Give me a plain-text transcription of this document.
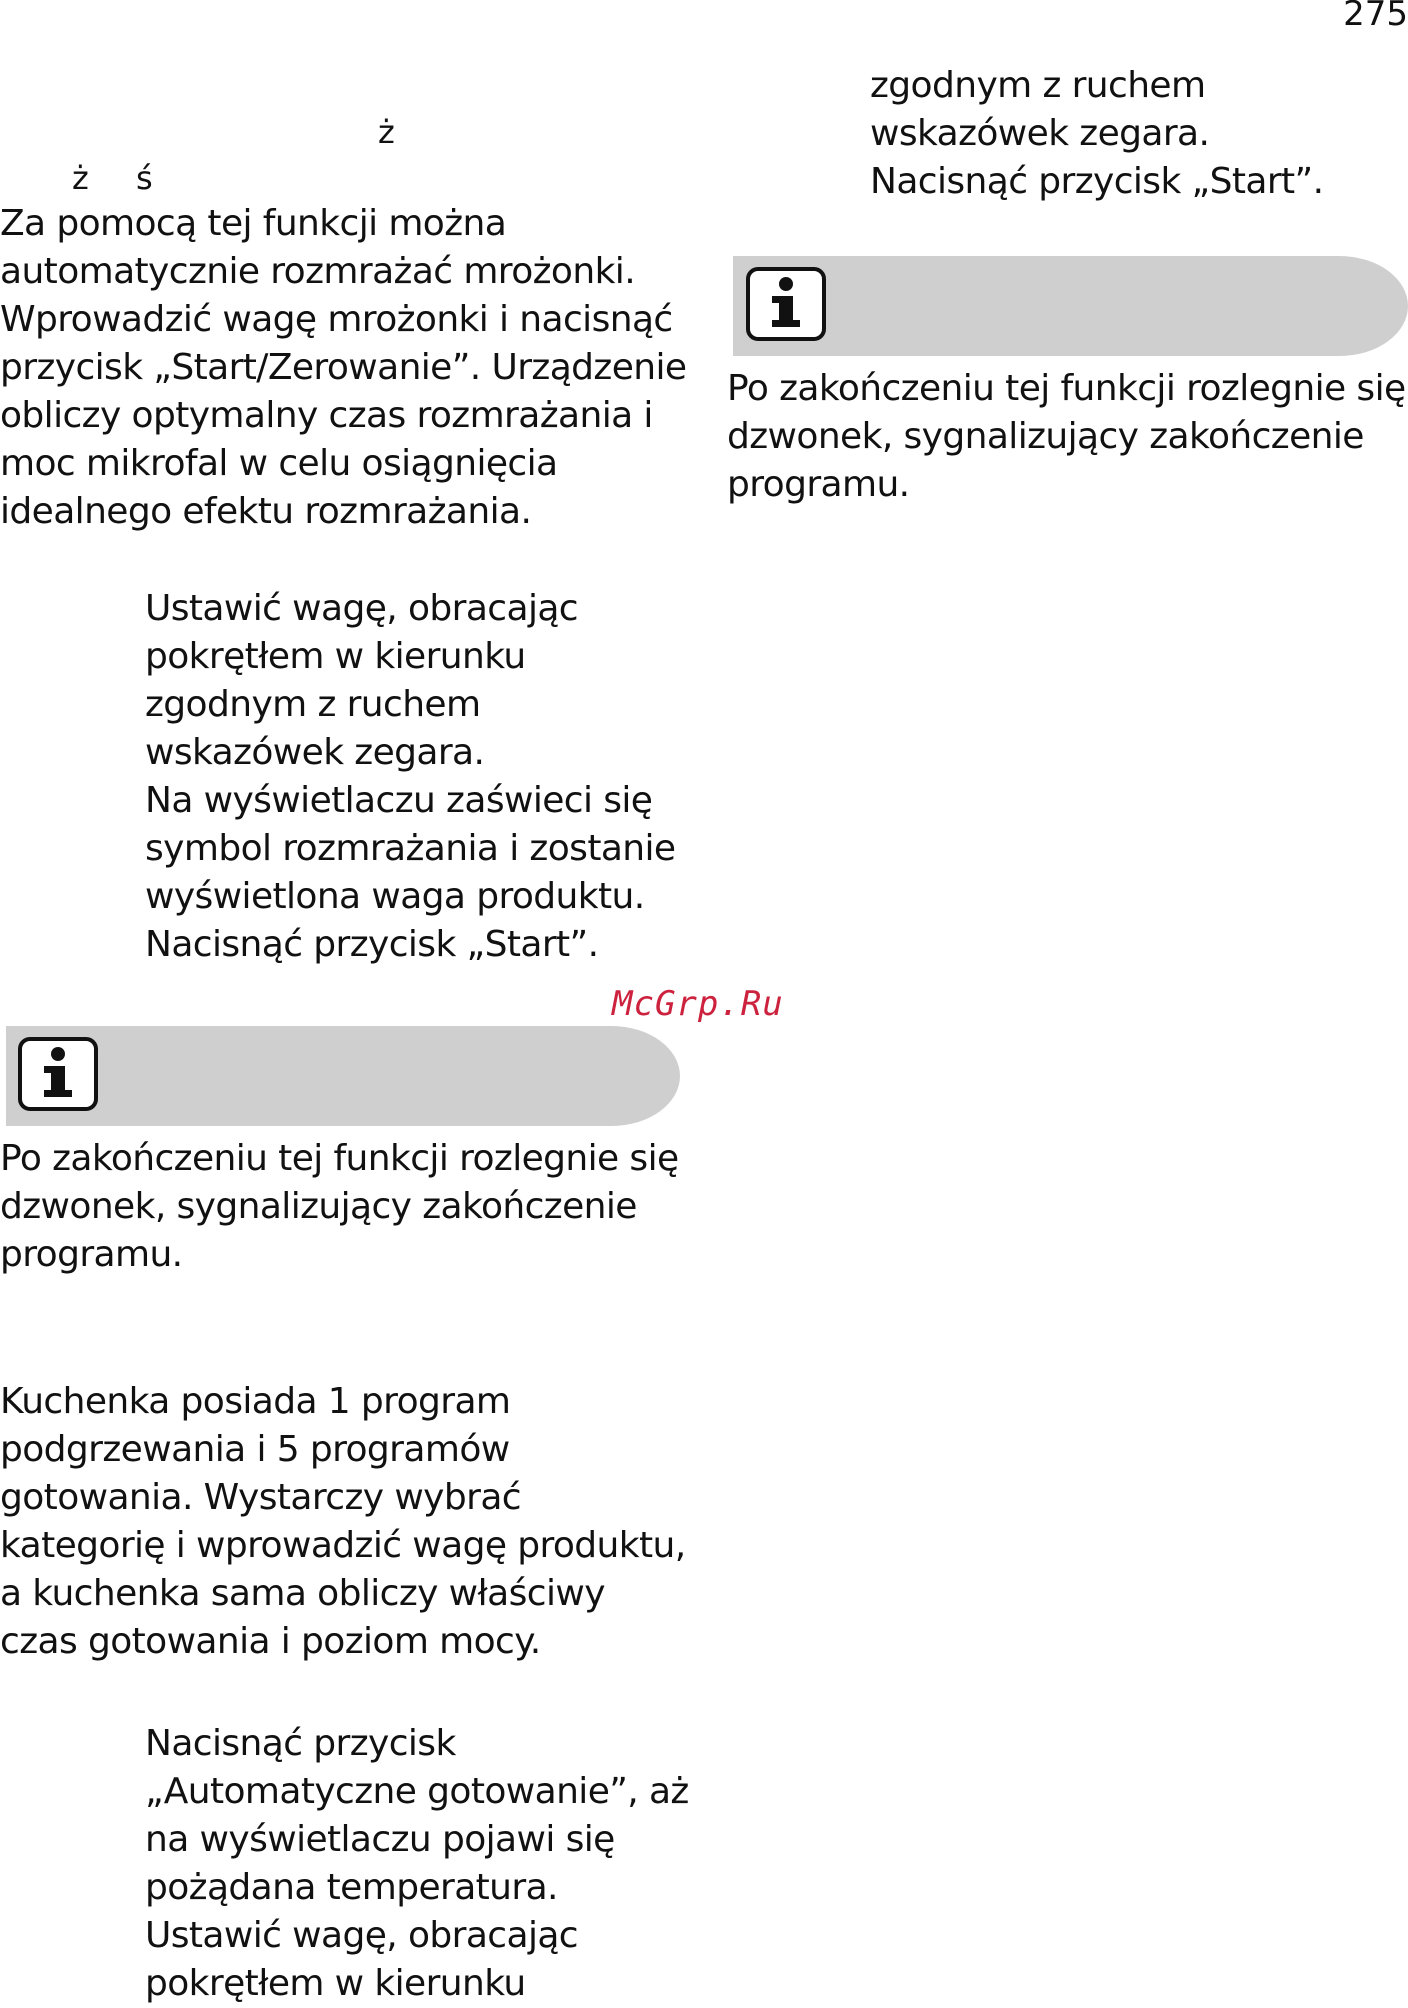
275
ż
ż ś
Za pomocą tej funkcji można
automatycznie rozmrażać mrożonki.
Wprowadzić wagę mrożonki i nacisnąć
przycisk „Start/Zerowanie”. Urządzenie
obliczy optymalny czas rozmrażania i
moc mikrofal w celu osiągnięcia
idealnego efektu rozmrażania.
Ustawić wagę, obracając
pokrętłem w kierunku
zgodnym z ruchem
wskazówek zegara.
Na wyświetlaczu zaświeci się
symbol rozmrażania i zostanie
wyświetlona waga produktu.
Nacisnąć przycisk „Start”.
McGrp.Ru
Po zakończeniu tej funkcji rozlegnie się
dzwonek, sygnalizujący zakończenie
programu.
Kuchenka posiada 1 program
podgrzewania i 5 programów
gotowania. Wystarczy wybrać
kategorię i wprowadzić wagę produktu,
a kuchenka sama obliczy właściwy
czas gotowania i poziom mocy.
Nacisnąć przycisk
„Automatyczne gotowanie”, aż
na wyświetlaczu pojawi się
pożądana temperatura.
Ustawić wagę, obracając
pokrętłem w kierunku
zgodnym z ruchem
wskazówek zegara.
Nacisnąć przycisk „Start”.
Po zakończeniu tej funkcji rozlegnie się
dzwonek, sygnalizujący zakończenie
programu.
